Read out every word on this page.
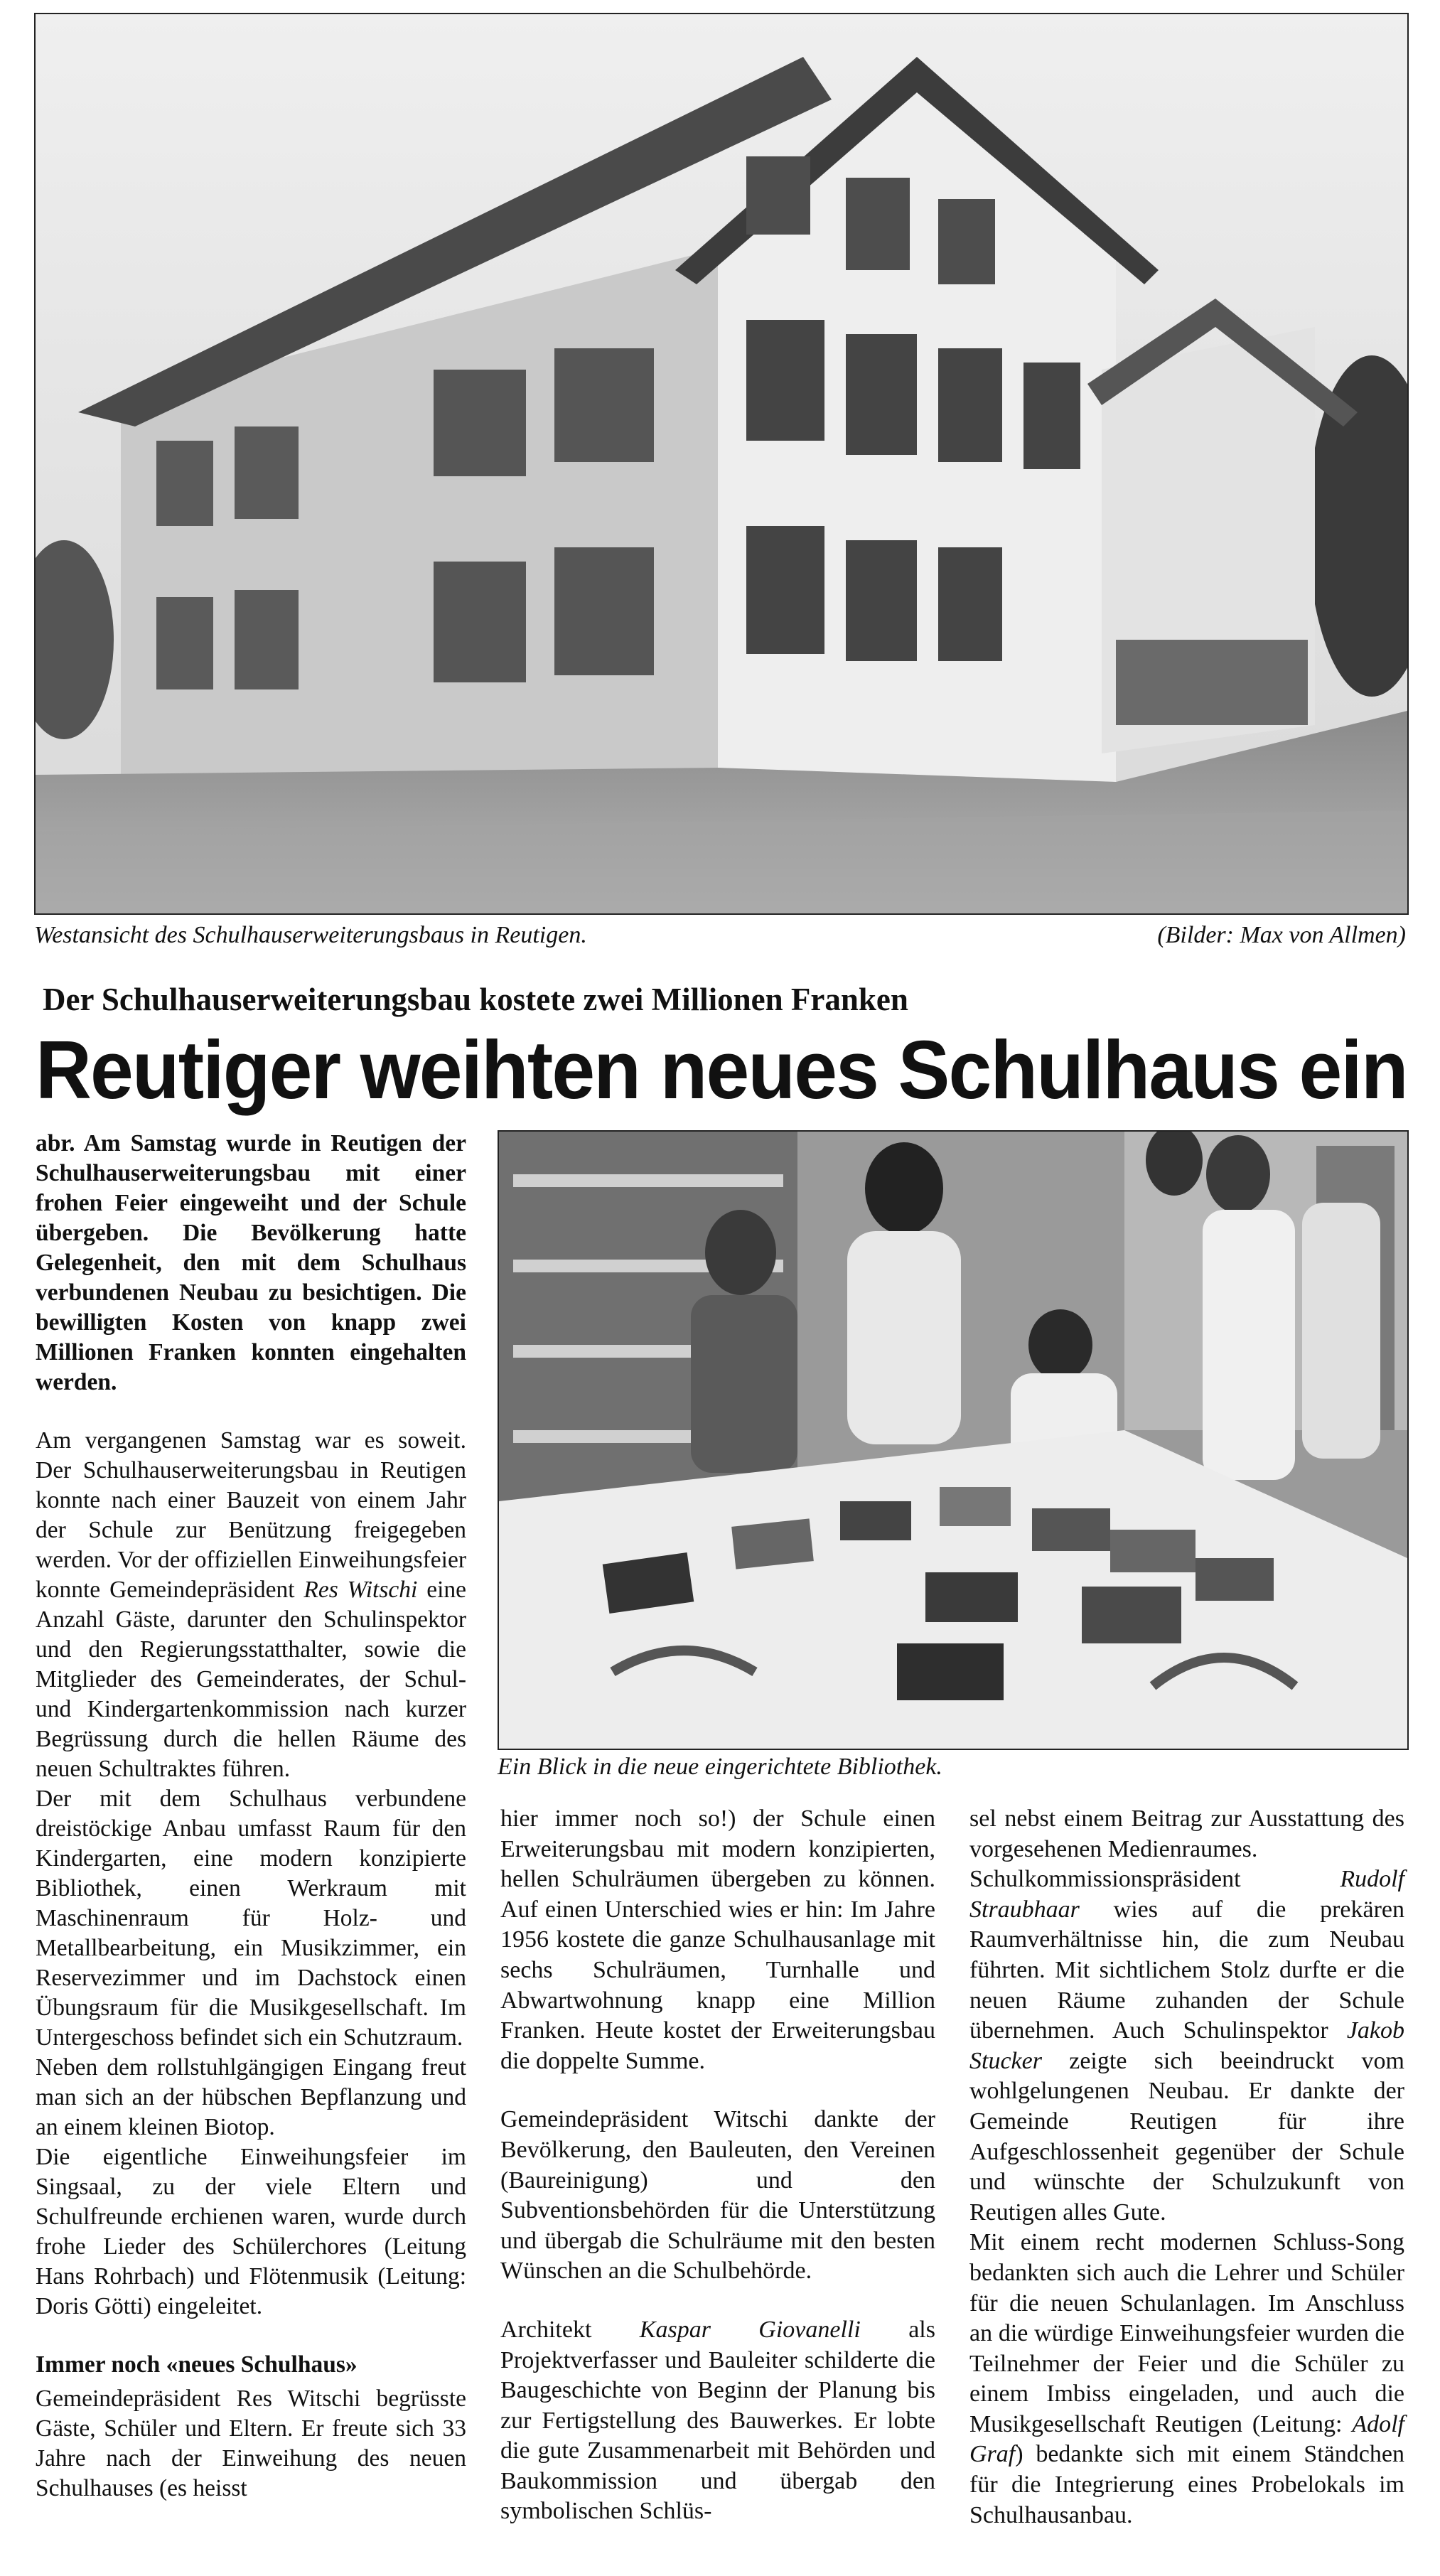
Westansicht des Schulhauserweiterungsbaus in Reutigen.	(Bilder: Max von Allmen)
Der Schulhauserweiterungsbau kostete zwei Millionen Franken
Reutiger weihten neues Schulhaus ein
Ein Blick in die neue eingerichtete Bibliothek.

abr. Am Samstag wurde in Reutigen der Schulhauserweiterungsbau mit einer frohen Feier eingeweiht und der Schule übergeben. Die Bevölkerung hatte Gelegenheit, den mit dem Schulhaus verbundenen Neubau zu besichtigen. Die bewilligten Kosten von knapp zwei Millionen Franken konnten eingehalten werden.

Am vergangenen Samstag war es soweit. Der Schulhauserweiterungsbau in Reutigen konnte nach einer Bauzeit von einem Jahr der Schule zur Benützung freigegeben werden. Vor der offiziellen Einweihungsfeier konnte Gemeindepräsident Res Witschi eine Anzahl Gäste, darunter den Schulinspektor und den Regierungsstatthalter, sowie die Mitglieder des Gemeinderates, der Schul- und Kindergartenkommission nach kurzer Begrüssung durch die hellen Räume des neuen Schultraktes führen.

Der mit dem Schulhaus verbundene dreistöckige Anbau umfasst Raum für den Kindergarten, eine modern konzipierte Bibliothek, einen Werkraum mit Maschinenraum für Holz- und Metallbearbeitung, ein Musikzimmer, ein Reservezimmer und im Dachstock einen Übungsraum für die Musikgesellschaft. Im Untergeschoss befindet sich ein Schutzraum.

Neben dem rollstuhlgängigen Eingang freut man sich an der hübschen Bepflanzung und an einem kleinen Biotop.

Die eigentliche Einweihungsfeier im Singsaal, zu der viele Eltern und Schulfreunde erchienen waren, wurde durch frohe Lieder des Schülerchores (Leitung Hans Rohrbach) und Flötenmusik (Leitung: Doris Götti) eingeleitet.

Immer noch «neues Schulhaus»

Gemeindepräsident Res Witschi begrüsste Gäste, Schüler und Eltern. Er freute sich 33 Jahre nach der Einweihung des neuen Schulhauses (es heisst

hier immer noch so!) der Schule einen Erweiterungsbau mit modern konzipierten, hellen Schulräumen übergeben zu können. Auf einen Unterschied wies er hin: Im Jahre 1956 kostete die ganze Schulhausanlage mit sechs Schulräumen, Turnhalle und Abwartwohnung knapp eine Million Franken. Heute kostet der Erweiterungsbau die doppelte Summe.

Gemeindepräsident Witschi dankte der Bevölkerung, den Bauleuten, den Vereinen (Baureinigung) und den Subventionsbehörden für die Unterstützung und übergab die Schulräume mit den besten Wünschen an die Schulbehörde.

Architekt Kaspar Giovanelli als Projektverfasser und Bauleiter schilderte die Baugeschichte von Beginn der Planung bis zur Fertigstellung des Bauwerkes. Er lobte die gute Zusammenarbeit mit Behörden und Baukommission und übergab den symbolischen Schlüs-

sel nebst einem Beitrag zur Ausstattung des vorgesehenen Medienraumes.

Schulkommissionspräsident Rudolf Straubhaar wies auf die prekären Raumverhältnisse hin, die zum Neubau führten. Mit sichtlichem Stolz durfte er die neuen Räume zuhanden der Schule übernehmen. Auch Schulinspektor Jakob Stucker zeigte sich beeindruckt vom wohlgelungenen Neubau. Er dankte der Gemeinde Reutigen für ihre Aufgeschlossenheit gegenüber der Schule und wünschte der Schulzukunft von Reutigen alles Gute.

Mit einem recht modernen Schluss-Song bedankten sich auch die Lehrer und Schüler für die neuen Schulanlagen. Im Anschluss an die würdige Einweihungsfeier wurden die Teilnehmer der Feier und die Schüler zu einem Imbiss eingeladen, und auch die Musikgesellschaft Reutigen (Leitung: Adolf Graf) bedankte sich mit einem Ständchen für die Integrierung eines Probelokals im Schulhausanbau.
